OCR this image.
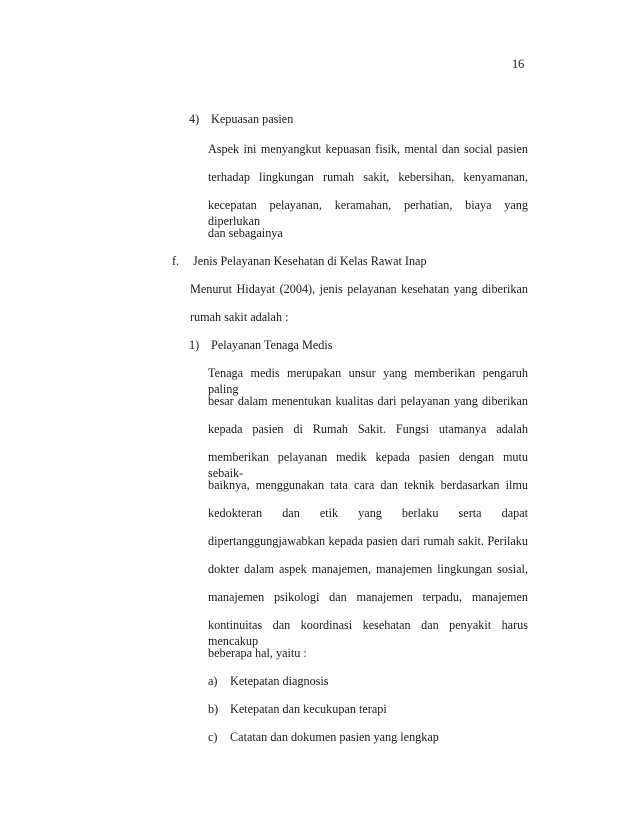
16
4) Kepuasan pasien
Aspek ini menyangkut kepuasan fisik, mental dan social pasien
terhadap lingkungan rumah sakit, kebersihan, kenyamanan,
kecepatan pelayanan, keramahan, perhatian, biaya yang diperlukan
dan sebagainya
f. Jenis Pelayanan Kesehatan di Kelas Rawat Inap
Menurut Hidayat (2004), jenis pelayanan kesehatan yang diberikan
rumah sakit adalah :
1) Pelayanan Tenaga Medis
Tenaga medis merupakan unsur yang memberikan pengaruh paling
besar dalam menentukan kualitas dari pelayanan yang diberikan
kepada pasien di Rumah Sakit. Fungsi utamanya adalah
memberikan pelayanan medik kepada pasien dengan mutu sebaik-
baiknya, menggunakan tata cara dan teknik berdasarkan ilmu
kedokteran dan etik yang berlaku serta dapat
dipertanggungjawabkan kepada pasien dari rumah sakit. Perilaku
dokter dalam aspek manajemen, manajemen lingkungan sosial,
manajemen psikologi dan manajemen terpadu, manajemen
kontinuitas dan koordinasi kesehatan dan penyakit harus mencakup
beberapa hal, yaitu :
a) Ketepatan diagnosis
b) Ketepatan dan kecukupan terapi
c) Catatan dan dokumen pasien yang lengkap
